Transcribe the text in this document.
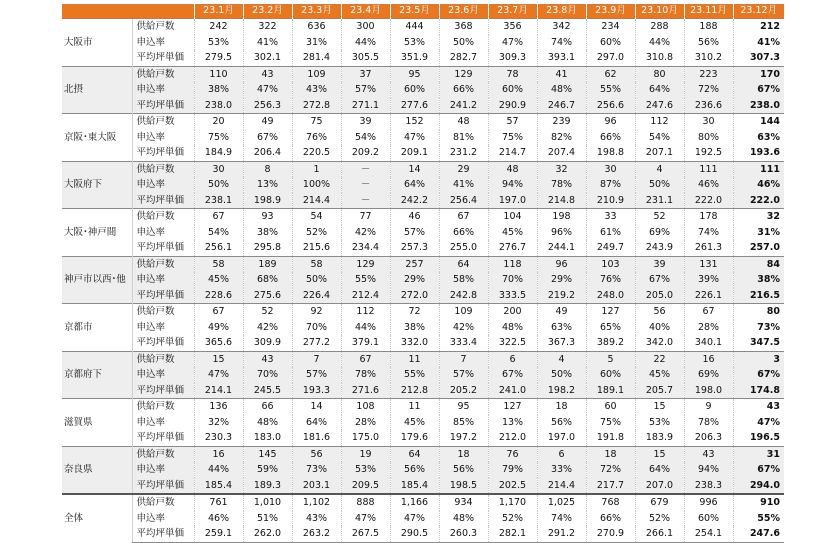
		23.1月	23.2月	23.3月	23.4月	23.5月	23.6月	23.7月	23.8月	23.9月	23.10月	23.11月	23.12月
大阪市	供給戸数	242	322	636	300	444	368	356	342	234	288	188	212
	申込率	53%	41%	31%	44%	53%	50%	47%	74%	60%	44%	56%	41%
	平均坪単価	279.5	302.1	281.4	305.5	351.9	282.7	309.3	393.1	297.0	310.8	310.2	307.3
北摂	供給戸数	110	43	109	37	95	129	78	41	62	80	223	170
	申込率	38%	47%	43%	57%	60%	66%	60%	48%	55%	64%	72%	67%
	平均坪単価	238.0	256.3	272.8	271.1	277.6	241.2	290.9	246.7	256.6	247.6	236.6	238.0
京阪･東大阪	供給戸数	20	49	75	39	152	48	57	239	96	112	30	144
	申込率	75%	67%	76%	54%	47%	81%	75%	82%	66%	54%	80%	63%
	平均坪単価	184.9	206.4	220.5	209.2	209.1	231.2	214.7	207.4	198.8	207.1	192.5	193.6
大阪府下	供給戸数	30	8	1	－	14	29	48	32	30	4	111	111
	申込率	50%	13%	100%	－	64%	41%	94%	78%	87%	50%	46%	46%
	平均坪単価	238.1	198.9	214.4	－	242.2	256.4	197.0	214.8	210.9	231.1	222.0	222.0
大阪･神戸間	供給戸数	67	93	54	77	46	67	104	198	33	52	178	32
	申込率	54%	38%	52%	42%	57%	66%	45%	96%	61%	69%	74%	31%
	平均坪単価	256.1	295.8	215.6	234.4	257.3	255.0	276.7	244.1	249.7	243.9	261.3	257.0
神戸市以西･他	供給戸数	58	189	58	129	257	64	118	96	103	39	131	84
	申込率	45%	68%	50%	55%	29%	58%	70%	29%	76%	67%	39%	38%
	平均坪単価	228.6	275.6	226.4	212.4	272.0	242.8	333.5	219.2	248.0	205.0	226.1	216.5
京都市	供給戸数	67	52	92	112	72	109	200	49	127	56	67	80
	申込率	49%	42%	70%	44%	38%	42%	48%	63%	65%	40%	28%	73%
	平均坪単価	365.6	309.9	277.2	379.1	332.0	333.4	322.5	367.3	389.2	342.0	340.1	347.5
京都府下	供給戸数	15	43	7	67	11	7	6	4	5	22	16	3
	申込率	47%	70%	57%	78%	55%	57%	67%	50%	60%	45%	69%	67%
	平均坪単価	214.1	245.5	193.3	271.6	212.8	205.2	241.0	198.2	189.1	205.7	198.0	174.8
滋賀県	供給戸数	136	66	14	108	11	95	127	18	60	15	9	43
	申込率	32%	48%	64%	28%	45%	85%	13%	56%	75%	53%	78%	47%
	平均坪単価	230.3	183.0	181.6	175.0	179.6	197.2	212.0	197.0	191.8	183.9	206.3	196.5
奈良県	供給戸数	16	145	56	19	64	18	76	6	18	15	43	31
	申込率	44%	59%	73%	53%	56%	56%	79%	33%	72%	64%	94%	67%
	平均坪単価	185.4	189.3	203.1	209.5	185.4	198.5	202.5	214.4	217.7	207.0	238.3	294.0
全体	供給戸数	761	1,010	1,102	888	1,166	934	1,170	1,025	768	679	996	910
	申込率	46%	51%	43%	47%	47%	48%	52%	74%	66%	52%	60%	55%
	平均坪単価	259.1	262.0	263.2	267.5	290.5	260.3	282.1	291.2	270.9	266.1	254.1	247.6
